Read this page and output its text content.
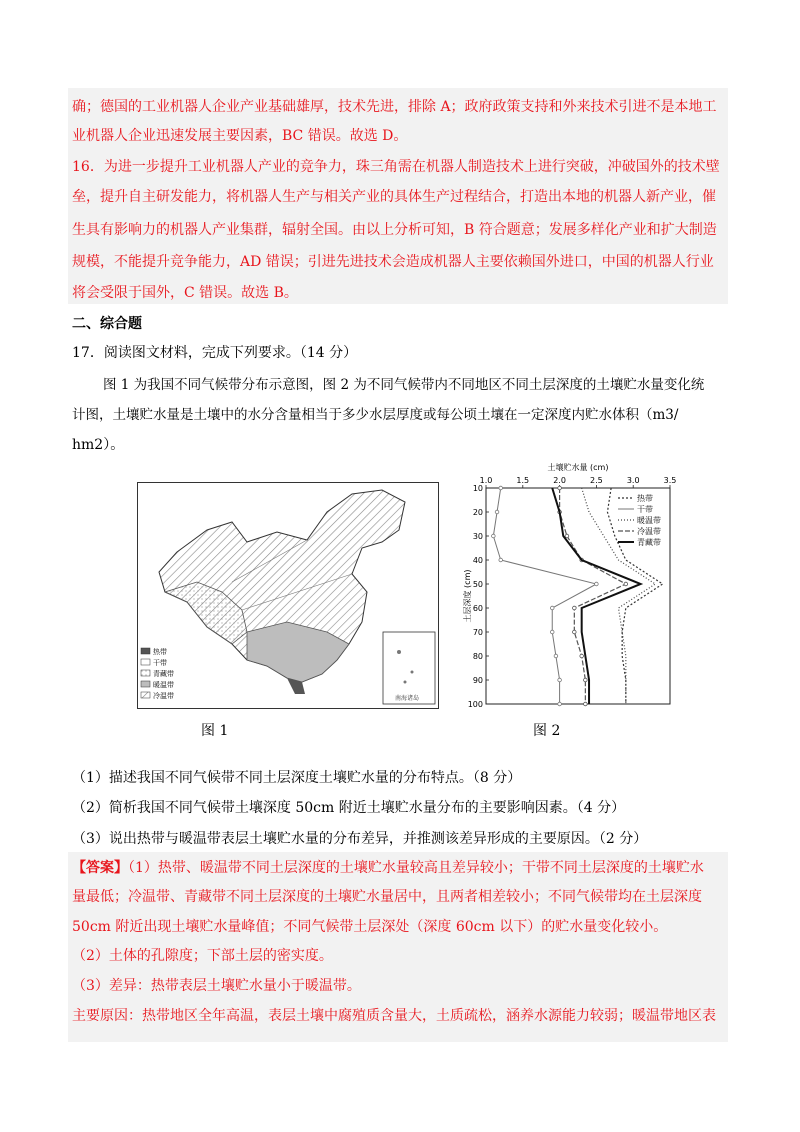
确；德国的工业机器人企业产业基础雄厚，技术先进，排除 A；政府政策支持和外来技术引进不是本地工
业机器人企业迅速发展主要因素，BC 错误。故选 D。
16．为进一步提升工业机器人产业的竞争力，珠三角需在机器人制造技术上进行突破，冲破国外的技术壁
垒，提升自主研发能力，将机器人生产与相关产业的具体生产过程结合，打造出本地的机器人新产业，催
生具有影响力的机器人产业集群，辐射全国。由以上分析可知，B 符合题意；发展多样化产业和扩大制造
规模，不能提升竞争能力，AD 错误；引进先进技术会造成机器人主要依赖国外进口，中国的机器人行业
将会受限于国外，C 错误。故选 B。
二、综合题
17．阅读图文材料，完成下列要求。（14 分）
图 1 为我国不同气候带分布示意图，图 2 为不同气候带内不同地区不同土层深度的土壤贮水量变化统
计图，土壤贮水量是土壤中的水分含量相当于多少水层厚度或每公顷土壤在一定深度内贮水体积（m3/
hm2）。
南海诸岛
热带
干带
青藏带
暖温带
冷温带
土壤贮水量 (cm)
1.0	1.5	2.0	2.5	3.0	3.5
10
20
30
40
50
60
70
80
90
100
土层深度 (cm)
热带
干带
暖温带
冷温带
青藏带
图 1	图 2
（1）描述我国不同气候带不同土层深度土壤贮水量的分布特点。（8 分）
（2）简析我国不同气候带土壤深度 50cm 附近土壤贮水量分布的主要影响因素。（4 分）
（3）说出热带与暖温带表层土壤贮水量的分布差异，并推测该差异形成的主要原因。（2 分）
【答案】（1）热带、暖温带不同土层深度的土壤贮水量较高且差异较小；干带不同土层深度的土壤贮水
量最低；冷温带、青藏带不同土层深度的土壤贮水量居中，且两者相差较小；不同气候带均在土层深度
50cm 附近出现土壤贮水量峰值；不同气候带土层深处（深度 60cm 以下）的贮水量变化较小。
（2）土体的孔隙度；下部土层的密实度。
（3）差异：热带表层土壤贮水量小于暖温带。
主要原因：热带地区全年高温，表层土壤中腐殖质含量大，土质疏松，涵养水源能力较弱；暖温带地区表
